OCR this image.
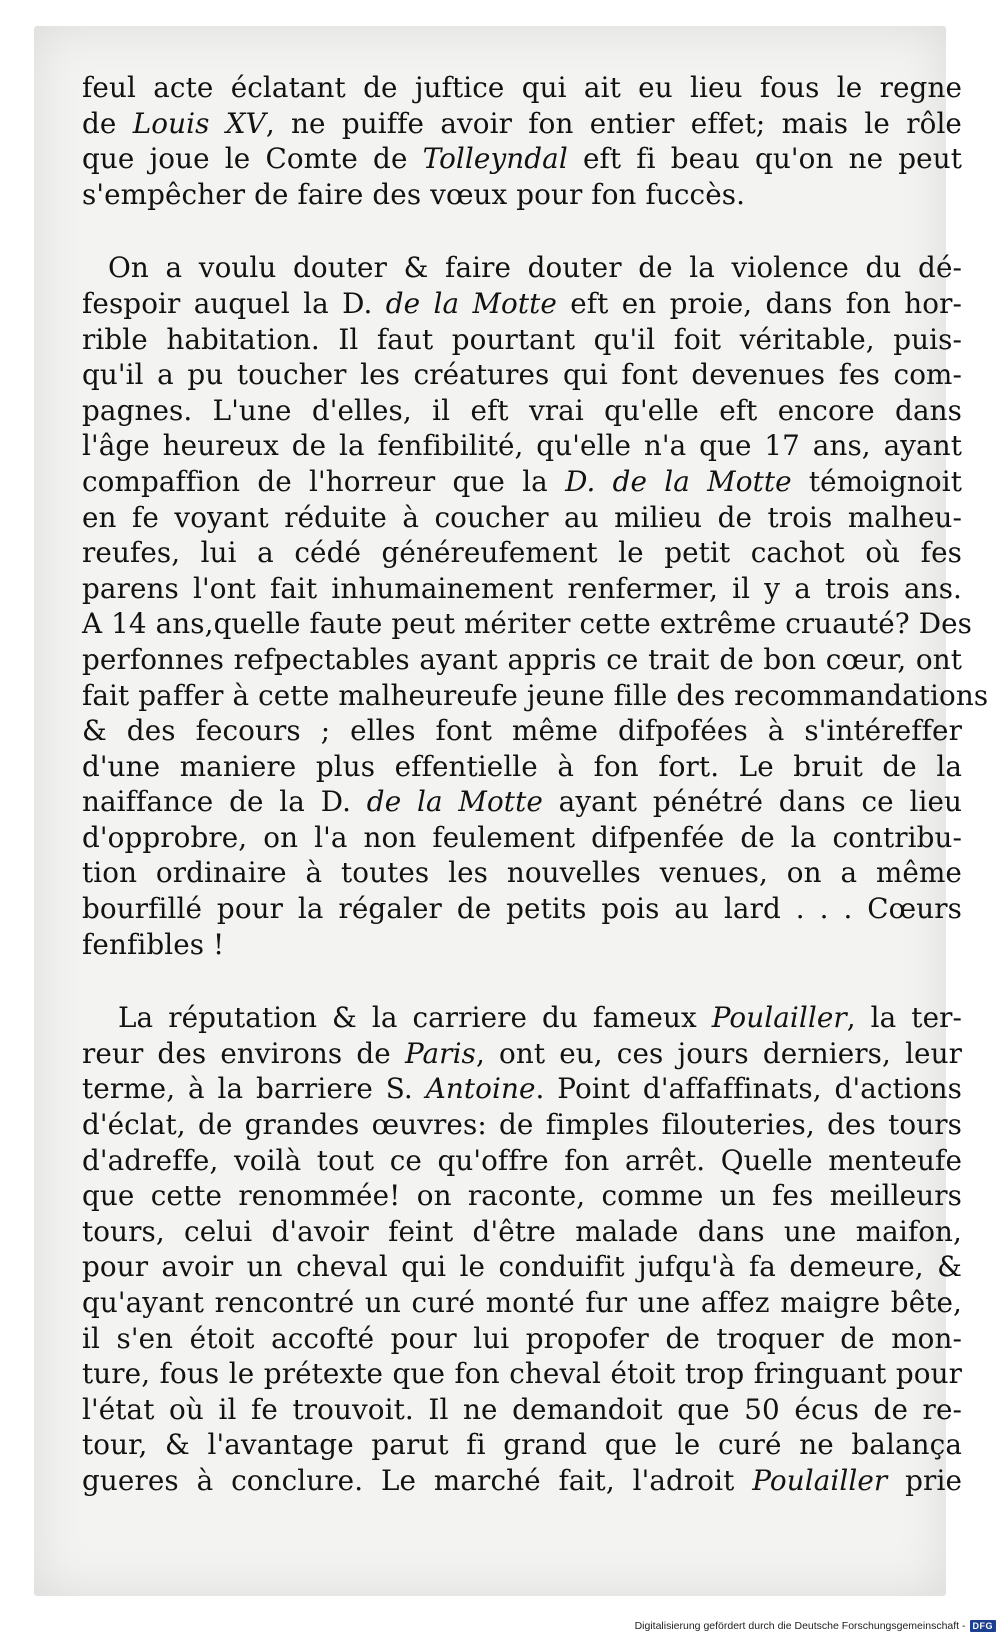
feul acte éclatant de juftice qui ait eu lieu fous le regne
de Louis XV, ne puiffe avoir fon entier effet; mais le rôle
que joue le Comte de Tolleyndal eft fi beau qu'on ne peut
s'empêcher de faire des vœux pour fon fuccès.
On a voulu douter & faire douter de la violence du dé-
fespoir auquel la D. de la Motte eft en proie, dans fon hor-
rible habitation. Il faut pourtant qu'il foit véritable, puis-
qu'il a pu toucher les créatures qui font devenues fes com-
pagnes. L'une d'elles, il eft vrai qu'elle eft encore dans
l'âge heureux de la fenfibilité, qu'elle n'a que 17 ans, ayant
compaffion de l'horreur que la D. de la Motte témoignoit
en fe voyant réduite à coucher au milieu de trois malheu-
reufes, lui a cédé généreufement le petit cachot où fes
parens l'ont fait inhumainement renfermer, il y a trois ans.
A 14 ans,quelle faute peut mériter cette extrême cruauté? Des
perfonnes refpectables ayant appris ce trait de bon cœur, ont
fait paffer à cette malheureufe jeune fille des recommandations
& des fecours ; elles font même difpofées à s'intéreffer
d'une maniere plus effentielle à fon fort. Le bruit de la
naiffance de la D. de la Motte ayant pénétré dans ce lieu
d'opprobre, on l'a non feulement difpenfée de la contribu-
tion ordinaire à toutes les nouvelles venues, on a même
bourfillé pour la régaler de petits pois au lard . . . Cœurs
fenfibles !
La réputation & la carriere du fameux Poulailler, la ter-
reur des environs de Paris, ont eu, ces jours derniers, leur
terme, à la barriere S. Antoine. Point d'affaffinats, d'actions
d'éclat, de grandes œuvres: de fimples filouteries, des tours
d'adreffe, voilà tout ce qu'offre fon arrêt. Quelle menteufe
que cette renommée! on raconte, comme un fes meilleurs
tours, celui d'avoir feint d'être malade dans une maifon,
pour avoir un cheval qui le conduifit jufqu'à fa demeure, &
qu'ayant rencontré un curé monté fur une affez maigre bête,
il s'en étoit accofté pour lui propofer de troquer de mon-
ture, fous le prétexte que fon cheval étoit trop fringuant pour
l'état où il fe trouvoit. Il ne demandoit que 50 écus de re-
tour, & l'avantage parut fi grand que le curé ne balança
gueres à conclure. Le marché fait, l'adroit Poulailler prie
Digitalisierung gefördert durch die Deutsche Forschungsgemeinschaft - DFG
